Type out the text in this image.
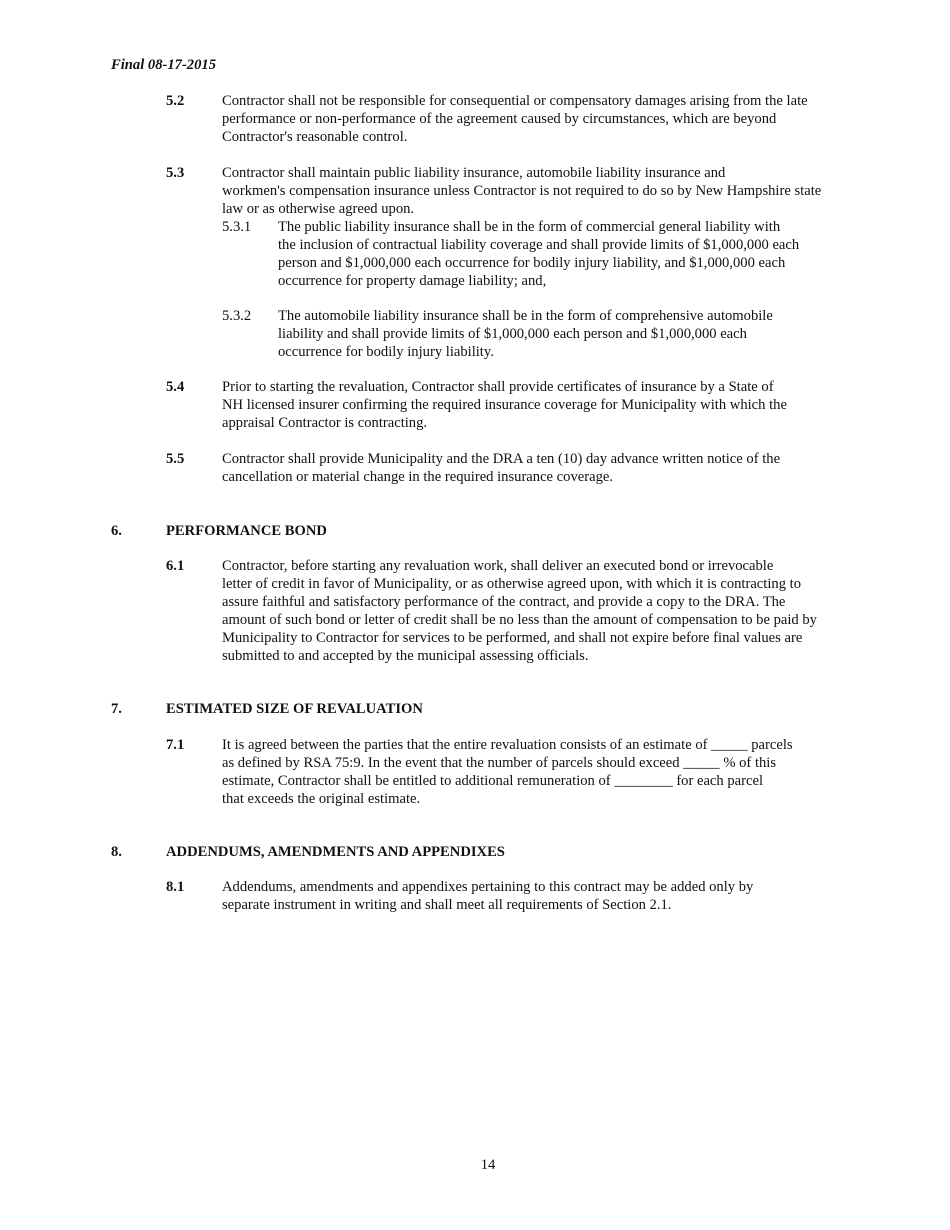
Final 08-17-2015
5.2	Contractor shall not be responsible for consequential or compensatory damages arising from the late
performance or non-performance of the agreement caused by circumstances, which are beyond
Contractor's reasonable control.
5.3	Contractor shall maintain public liability insurance, automobile liability insurance and
workmen's compensation insurance unless Contractor is not required to do so by New Hampshire state
law or as otherwise agreed upon.
5.3.1 The public liability insurance shall be in the form of commercial general liability with
the inclusion of contractual liability coverage and shall provide limits of $1,000,000 each
person and $1,000,000 each occurrence for bodily injury liability, and $1,000,000 each
occurrence for property damage liability; and,
5.3.2 The automobile liability insurance shall be in the form of comprehensive automobile
liability and shall provide limits of $1,000,000 each person and $1,000,000 each
occurrence for bodily injury liability.
5.4	Prior to starting the revaluation, Contractor shall provide certificates of insurance by a State of
NH licensed insurer confirming the required insurance coverage for Municipality with which the
appraisal Contractor is contracting.
5.5	Contractor shall provide Municipality and the DRA a ten (10) day advance written notice of the
cancellation or material change in the required insurance coverage.
6.	PERFORMANCE BOND
6.1	Contractor, before starting any revaluation work, shall deliver an executed bond or irrevocable
letter of credit in favor of Municipality, or as otherwise agreed upon, with which it is contracting to
assure faithful and satisfactory performance of the contract, and provide a copy to the DRA. The
amount of such bond or letter of credit shall be no less than the amount of compensation to be paid by
Municipality to Contractor for services to be performed, and shall not expire before final values are
submitted to and accepted by the municipal assessing officials.
7.	ESTIMATED SIZE OF REVALUATION
7.1	It is agreed between the parties that the entire revaluation consists of an estimate of _____ parcels
as defined by RSA 75:9. In the event that the number of parcels should exceed _____ % of this
estimate, Contractor shall be entitled to additional remuneration of ________ for each parcel
that exceeds the original estimate.
8.	ADDENDUMS, AMENDMENTS AND APPENDIXES
8.1	Addendums, amendments and appendixes pertaining to this contract may be added only by
separate instrument in writing and shall meet all requirements of Section 2.1.
14
